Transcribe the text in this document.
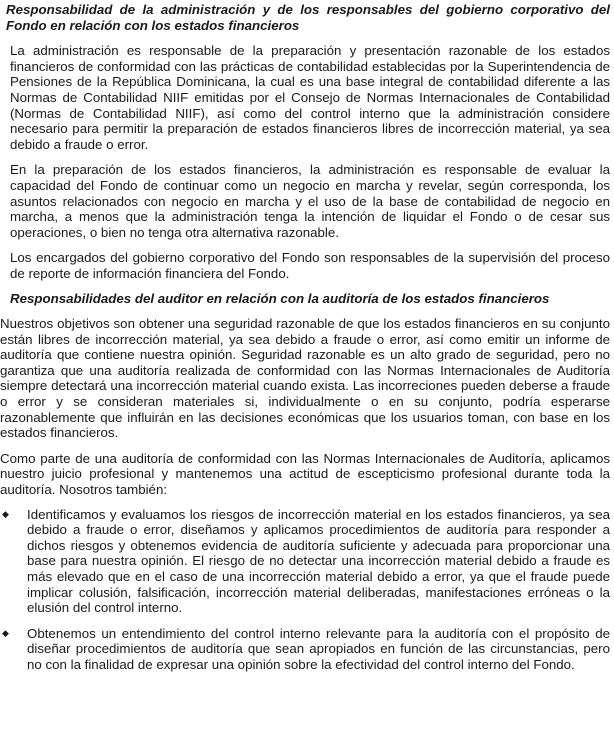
Responsabilidad de la administración y de los responsables del gobierno corporativo del Fondo en relación con los estados financieros

La administración es responsable de la preparación y presentación razonable de los estados financieros de conformidad con las prácticas de contabilidad establecidas por la Superintendencia de Pensiones de la República Dominicana, la cual es una base integral de contabilidad diferente a las Normas de Contabilidad NIIF emitidas por el Consejo de Normas Internacionales de Contabilidad (Normas de Contabilidad NIIF), así como del control interno que la administración considere necesario para permitir la preparación de estados financieros libres de incorrección material, ya sea debido a fraude o error.

En la preparación de los estados financieros, la administración es responsable de evaluar la capacidad del Fondo de continuar como un negocio en marcha y revelar, según corresponda, los asuntos relacionados con negocio en marcha y el uso de la base de contabilidad de negocio en marcha, a menos que la administración tenga la intención de liquidar el Fondo o de cesar sus operaciones, o bien no tenga otra alternativa razonable.

Los encargados del gobierno corporativo del Fondo son responsables de la supervisión del proceso de reporte de información financiera del Fondo.

Responsabilidades del auditor en relación con la auditoría de los estados financieros

Nuestros objetivos son obtener una seguridad razonable de que los estados financieros en su conjunto están libres de incorrección material, ya sea debido a fraude o error, así como emitir un informe de auditoría que contiene nuestra opinión. Seguridad razonable es un alto grado de seguridad, pero no garantiza que una auditoría realizada de conformidad con las Normas Internacionales de Auditoría siempre detectará una incorrección material cuando exista. Las incorreciones pueden deberse a fraude o error y se consideran materiales si, individualmente o en su conjunto, podría esperarse razonablemente que influirán en las decisiones económicas que los usuarios toman, con base en los estados financieros.

Como parte de una auditoría de conformidad con las Normas Internacionales de Auditoría, aplicamos nuestro juicio profesional y mantenemos una actitud de escepticismo profesional durante toda la auditoría. Nosotros también:

◆ Identificamos y evaluamos los riesgos de incorrección material en los estados financieros, ya sea debido a fraude o error, diseñamos y aplicamos procedimientos de auditoría para responder a dichos riesgos y obtenemos evidencia de auditoría suficiente y adecuada para proporcionar una base para nuestra opinión. El riesgo de no detectar una incorrección material debido a fraude es más elevado que en el caso de una incorrección material debido a error, ya que el fraude puede implicar colusión, falsificación, incorrección material deliberadas, manifestaciones erróneas o la elusión del control interno.
◆ Obtenemos un entendimiento del control interno relevante para la auditoría con el propósito de diseñar procedimientos de auditoría que sean apropiados en función de las circunstancias, pero no con la finalidad de expresar una opinión sobre la efectividad del control interno del Fondo.
